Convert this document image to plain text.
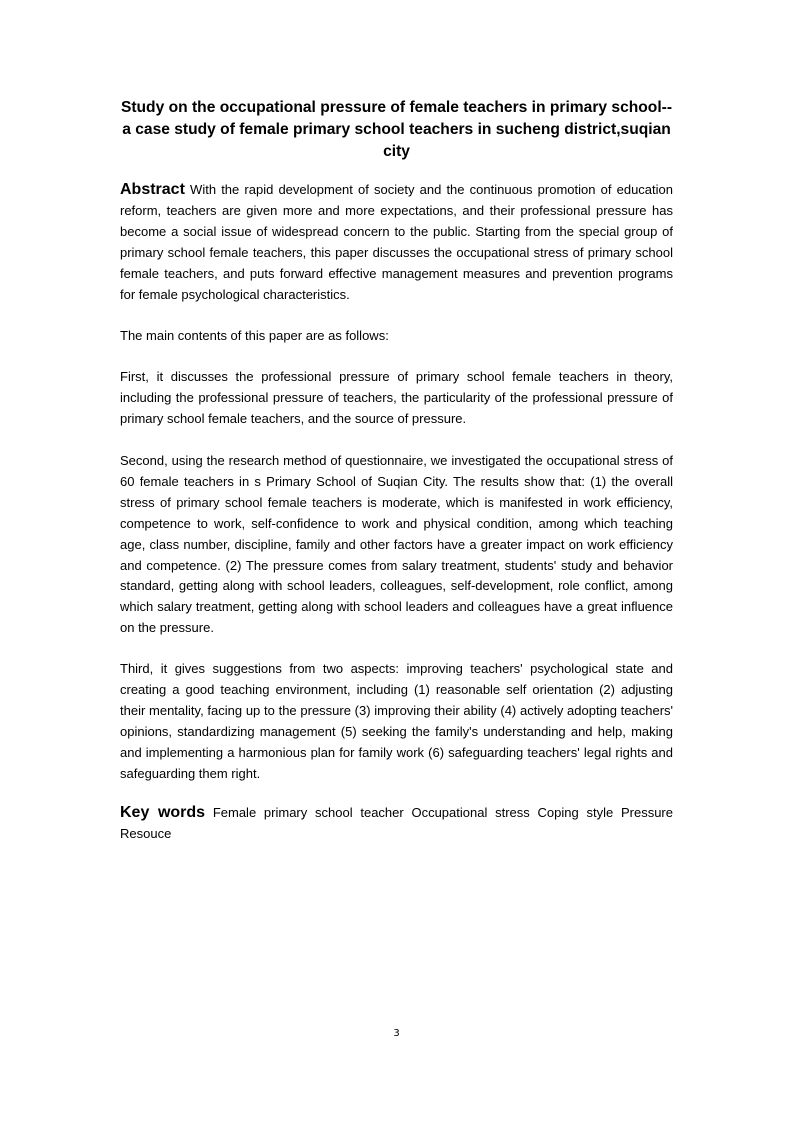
Study on the occupational pressure of female teachers in primary school--a case study of female primary school teachers in sucheng district,suqian city

Abstract With the rapid development of society and the continuous promotion of education reform, teachers are given more and more expectations, and their professional pressure has become a social issue of widespread concern to the public. Starting from the special group of primary school female teachers, this paper discusses the occupational stress of primary school female teachers, and puts forward effective management measures and prevention programs for female psychological characteristics.

The main contents of this paper are as follows:

First, it discusses the professional pressure of primary school female teachers in theory, including the professional pressure of teachers, the particularity of the professional pressure of primary school female teachers, and the source of pressure.

Second, using the research method of questionnaire, we investigated the occupational stress of 60 female teachers in s Primary School of Suqian City. The results show that: (1) the overall stress of primary school female teachers is moderate, which is manifested in work efficiency, competence to work, self-confidence to work and physical condition, among which teaching age, class number, discipline, family and other factors have a greater impact on work efficiency and competence. (2) The pressure comes from salary treatment, students' study and behavior standard, getting along with school leaders, colleagues, self-development, role conflict, among which salary treatment, getting along with school leaders and colleagues have a great influence on the pressure.

Third, it gives suggestions from two aspects: improving teachers' psychological state and creating a good teaching environment, including (1) reasonable self orientation (2) adjusting their mentality, facing up to the pressure (3) improving their ability (4) actively adopting teachers' opinions, standardizing management (5) seeking the family's understanding and help, making and implementing a harmonious plan for family work (6) safeguarding teachers' legal rights and safeguarding them right.

Key words Female primary school teacher Occupational stress Coping style Pressure Resouce

3
